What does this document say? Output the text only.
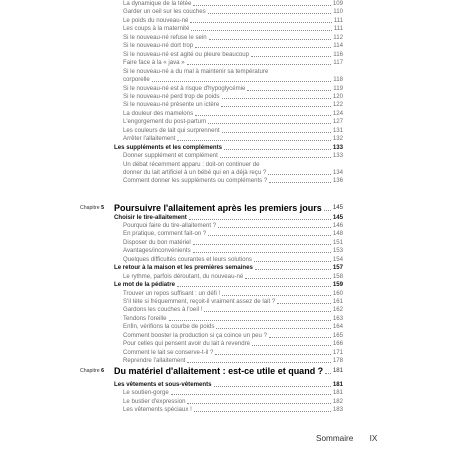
La dynamique de la tétée	109
Garder un oeil sur les couches	110
Le poids du nouveau-né	111
Les coups à la maternité	111
Si le nouveau-né refuse le sein	112
Si le nouveau-né dort trop	114
Si le nouveau-né est agité ou pleure beaucoup	116
Faire face à la « java »	117
Si le nouveau-né a du mal à maintenir sa température
corporelle	118
Si le nouveau-né est à risque d'hypoglycémie	119
Si le nouveau-né perd trop de poids	120
Si le nouveau-né présente un ictère	122
La douleur des mamelons	124
L'engorgement du post-partum	127
Les couleurs de lait qui surprennent	131
Arrêter l'allaitement	132
Les suppléments et les compléments	133
Donner supplément et complément	133
Un débat récemment apparu : doit-on continuer de
donner du lait artificiel à un bébé qui en a déjà reçu ?	134
Comment donner les suppléments ou compléments ?	136
Chapitre 5 Poursuivre l'allaitement après les premiers jours 145
Choisir le tire-allaitement	145
Pourquoi faire du tire-allaitement ?	146
En pratique, comment fait-on ?	148
Disposer du bon matériel	151
Avantages/inconvénients	153
Quelques difficultés courantes et leurs solutions	154
Le retour à la maison et les premières semaines	157
Le rythme, parfois déroutant, du nouveau-né	158
Le mot de la pédiatre	159
Trouver un repos suffisant : un défi !	160
S'il tète si fréquemment, reçoit-il vraiment assez de lait ?	161
Gardons les couches à l'oeil !	162
Tendons l'oreille	163
Enfin, vérifions la courbe de poids	164
Comment booster la production si ça coince un peu ?	165
Pour celles qui pensent avoir du lait à revendre	166
Comment le lait se conserve-t-il ?	171
Reprendre l'allaitement	178
Chapitre 6 Du matériel d'allaitement : est-ce utile et quand ? 181
Les vêtements et sous-vêtements	181
Le soutien-gorge	181
Le bustier d'expression	182
Les vêtements spéciaux !	183
Sommaire IX
